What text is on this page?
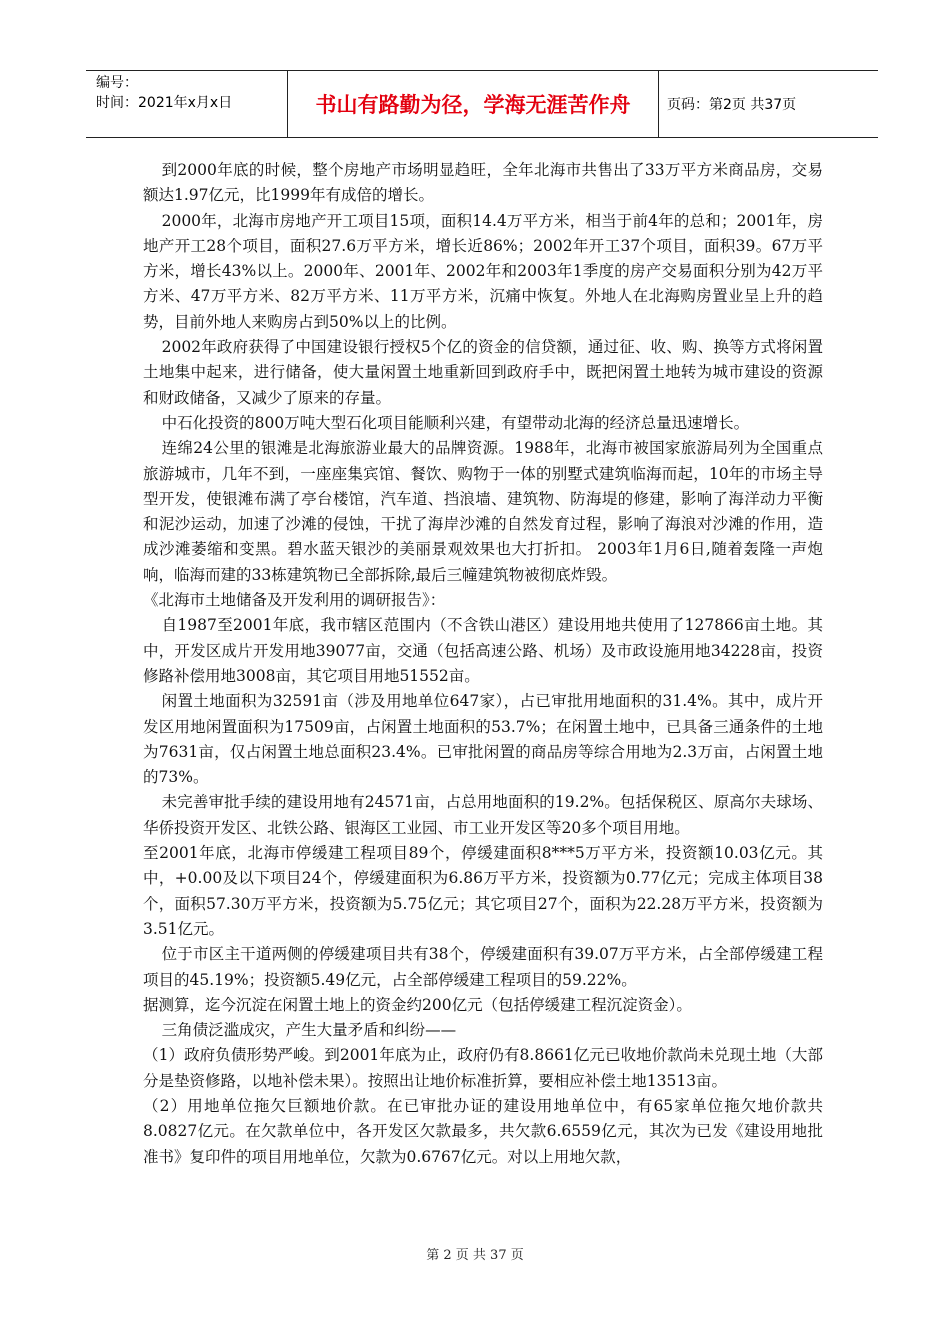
编号：
时间：2021年x月x日	书山有路勤为径，学海无涯苦作舟	页码：第2页 共37页

到2000年底的时候，整个房地产市场明显趋旺，全年北海市共售出了33万平方米商品房，交易额达1.97亿元，比1999年有成倍的增长。

2000年，北海市房地产开工项目15项，面积14.4万平方米，相当于前4年的总和；2001年，房地产开工28个项目，面积27.6万平方米，增长近86%；2002年开工37个项目，面积39。67万平方米，增长43%以上。2000年、2001年、2002年和2003年1季度的房产交易面积分别为42万平方米、47万平方米、82万平方米、11万平方米，沉痛中恢复。外地人在北海购房置业呈上升的趋势，目前外地人来购房占到50%以上的比例。

2002年政府获得了中国建设银行授权5个亿的资金的信贷额，通过征、收、购、换等方式将闲置土地集中起来，进行储备，使大量闲置土地重新回到政府手中，既把闲置土地转为城市建设的资源和财政储备，又减少了原来的存量。

中石化投资的800万吨大型石化项目能顺利兴建，有望带动北海的经济总量迅速增长。

连绵24公里的银滩是北海旅游业最大的品牌资源。1988年，北海市被国家旅游局列为全国重点旅游城市，几年不到，一座座集宾馆、餐饮、购物于一体的别墅式建筑临海而起，10年的市场主导型开发，使银滩布满了亭台楼馆，汽车道、挡浪墙、建筑物、防海堤的修建，影响了海洋动力平衡和泥沙运动，加速了沙滩的侵蚀，干扰了海岸沙滩的自然发育过程，影响了海浪对沙滩的作用，造成沙滩萎缩和变黑。碧水蓝天银沙的美丽景观效果也大打折扣。 2003年1月6日,随着轰隆一声炮响，临海而建的33栋建筑物已全部拆除,最后三幢建筑物被彻底炸毁。

《北海市土地储备及开发利用的调研报告》：

自1987至2001年底，我市辖区范围内（不含铁山港区）建设用地共使用了127866亩土地。其中，开发区成片开发用地39077亩，交通（包括高速公路、机场）及市政设施用地34228亩，投资修路补偿用地3008亩，其它项目用地51552亩。

闲置土地面积为32591亩（涉及用地单位647家），占已审批用地面积的31.4%。其中，成片开发区用地闲置面积为17509亩，占闲置土地面积的53.7%；在闲置土地中，已具备三通条件的土地为7631亩，仅占闲置土地总面积23.4%。已审批闲置的商品房等综合用地为2.3万亩，占闲置土地的73%。

未完善审批手续的建设用地有24571亩，占总用地面积的19.2%。包括保税区、原高尔夫球场、华侨投资开发区、北铁公路、银海区工业园、市工业开发区等20多个项目用地。

至2001年底，北海市停缓建工程项目89个，停缓建面积8***5万平方米，投资额10.03亿元。其中，+0.00及以下项目24个，停缓建面积为6.86万平方米，投资额为0.77亿元；完成主体项目38个，面积57.30万平方米，投资额为5.75亿元；其它项目27个，面积为22.28万平方米，投资额为3.51亿元。

位于市区主干道两侧的停缓建项目共有38个，停缓建面积有39.07万平方米，占全部停缓建工程项目的45.19%；投资额5.49亿元，占全部停缓建工程项目的59.22%。

据测算，迄今沉淀在闲置土地上的资金约200亿元（包括停缓建工程沉淀资金）。

三角债泛滥成灾，产生大量矛盾和纠纷——

（1）政府负债形势严峻。到2001年底为止，政府仍有8.8661亿元已收地价款尚未兑现土地（大部分是垫资修路，以地补偿未果）。按照出让地价标准折算，要相应补偿土地13513亩。

（2）用地单位拖欠巨额地价款。在已审批办证的建设用地单位中，有65家单位拖欠地价款共8.0827亿元。在欠款单位中，各开发区欠款最多，共欠款6.6559亿元，其次为已发《建设用地批准书》复印件的项目用地单位，欠款为0.6767亿元。对以上用地欠款，

第 2 页 共 37 页
